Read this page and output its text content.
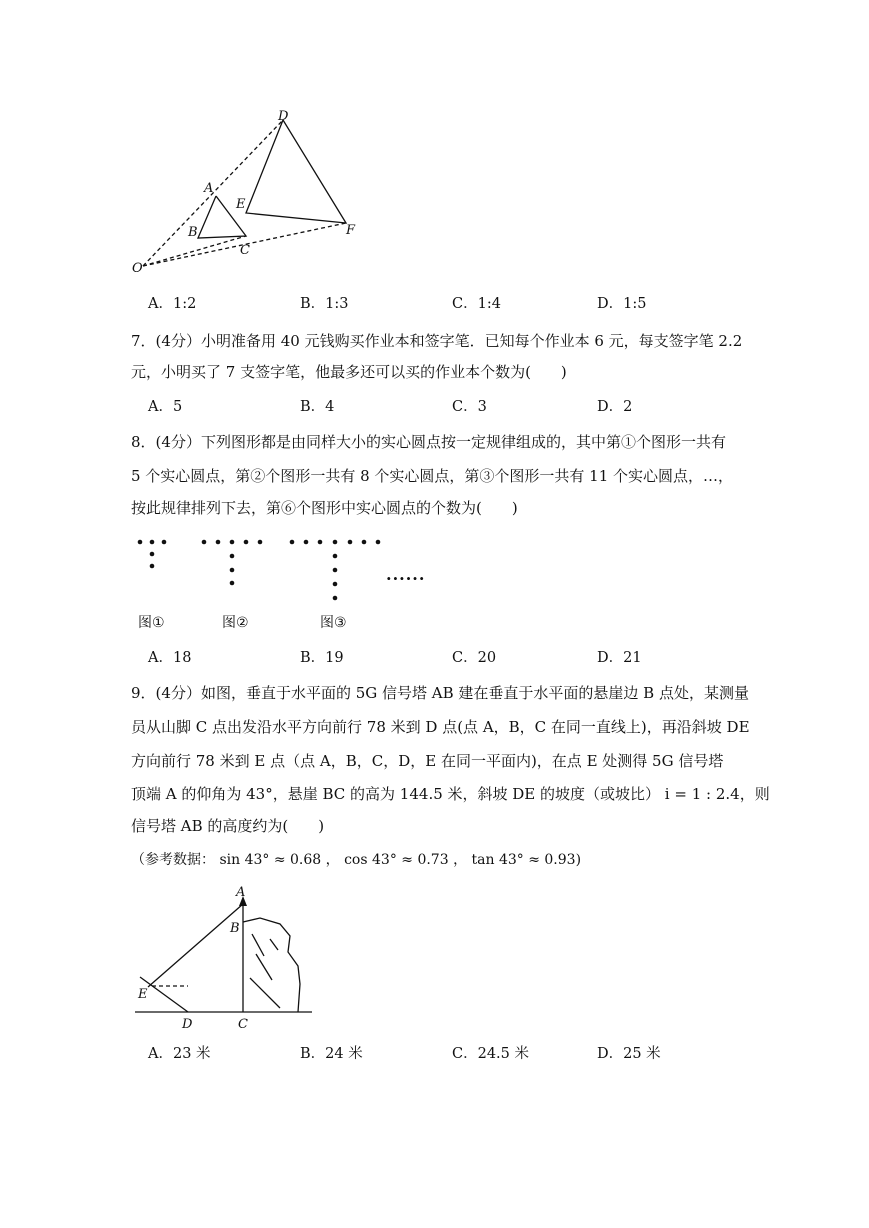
D
A
E
B
C
F
O
A．1:2	B．1:3	C．1:4	D．1:5
7．(4分）小明准备用 40 元钱购买作业本和签字笔．已知每个作业本 6 元，每支签字笔 2.2
元，小明买了 7 支签字笔，他最多还可以买的作业本个数为(　　)
A．5	B．4	C．3	D．2
8．(4分）下列图形都是由同样大小的实心圆点按一定规律组成的，其中第①个图形一共有
5 个实心圆点，第②个图形一共有 8 个实心圆点，第③个图形一共有 11 个实心圆点，…，
按此规律排列下去，第⑥个图形中实心圆点的个数为(　　)
......
图①	图②	图③
A．18	B．19	C．20	D．21
9．(4分）如图，垂直于水平面的 5G 信号塔 AB 建在垂直于水平面的悬崖边 B 点处，某测量
员从山脚 C 点出发沿水平方向前行 78 米到 D 点(点 A，B，C 在同一直线上)，再沿斜坡 DE
方向前行 78 米到 E 点（点 A，B，C，D，E 在同一平面内)，在点 E 处测得 5G 信号塔
顶端 A 的仰角为 43°，悬崖 BC 的高为 144.5 米，斜坡 DE 的坡度（或坡比） i = 1 : 2.4，则
信号塔 AB 的高度约为(　　)
（参考数据： sin 43° ≈ 0.68 ， cos 43° ≈ 0.73 ， tan 43° ≈ 0.93)
A
B
E
D	C
A．23 米	B．24 米	C．24.5 米	D．25 米
